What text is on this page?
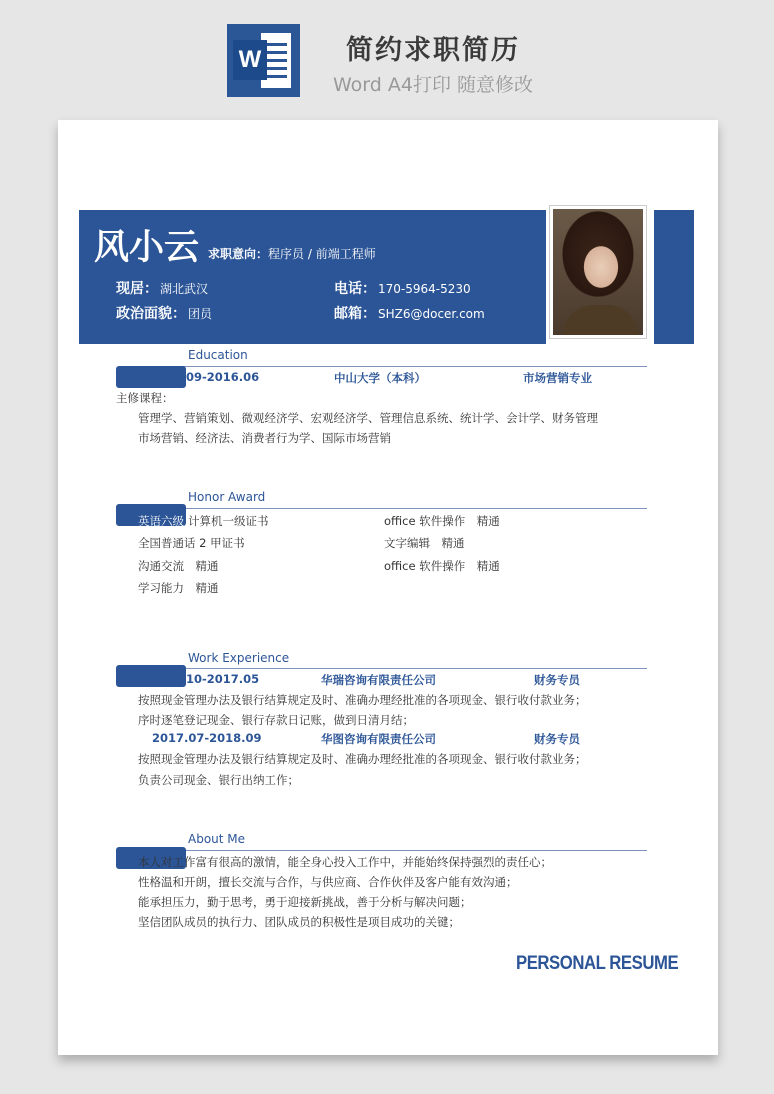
W	简约求职简历
Word A4打印 随意修改
风小云 求职意向：程序员 / 前端工程师
现居： 湖北武汉	电话： 170-5964-5230
政治面貌： 团员	邮箱： SHZ6@docer.com
Education
09-2016.06	中山大学（本科）	市场营销专业
主修课程：
管理学、营销策划、微观经济学、宏观经济学、管理信息系统、统计学、会计学、财务管理
市场营销、经济法、消费者行为学、国际市场营销
Honor Award
英语六级 计算机一级证书	office 软件操作　精通
全国普通话 2 甲证书	文字编辑　精通
沟通交流　精通	office 软件操作　精通
学习能力　精通
Work Experience
10-2017.05	华瑞咨询有限责任公司	财务专员
按照现金管理办法及银行结算规定及时、准确办理经批准的各项现金、银行收付款业务；
序时逐笔登记现金、银行存款日记账，做到日清月结；
2017.07-2018.09	华图咨询有限责任公司	财务专员
按照现金管理办法及银行结算规定及时、准确办理经批准的各项现金、银行收付款业务；
负责公司现金、银行出纳工作；
About Me
本人对工作富有很高的激情，能全身心投入工作中，并能始终保持强烈的责任心；
性格温和开朗，擅长交流与合作，与供应商、合作伙伴及客户能有效沟通；
能承担压力，勤于思考，勇于迎接新挑战，善于分析与解决问题；
坚信团队成员的执行力、团队成员的积极性是项目成功的关键；
PERSONAL RESUME
